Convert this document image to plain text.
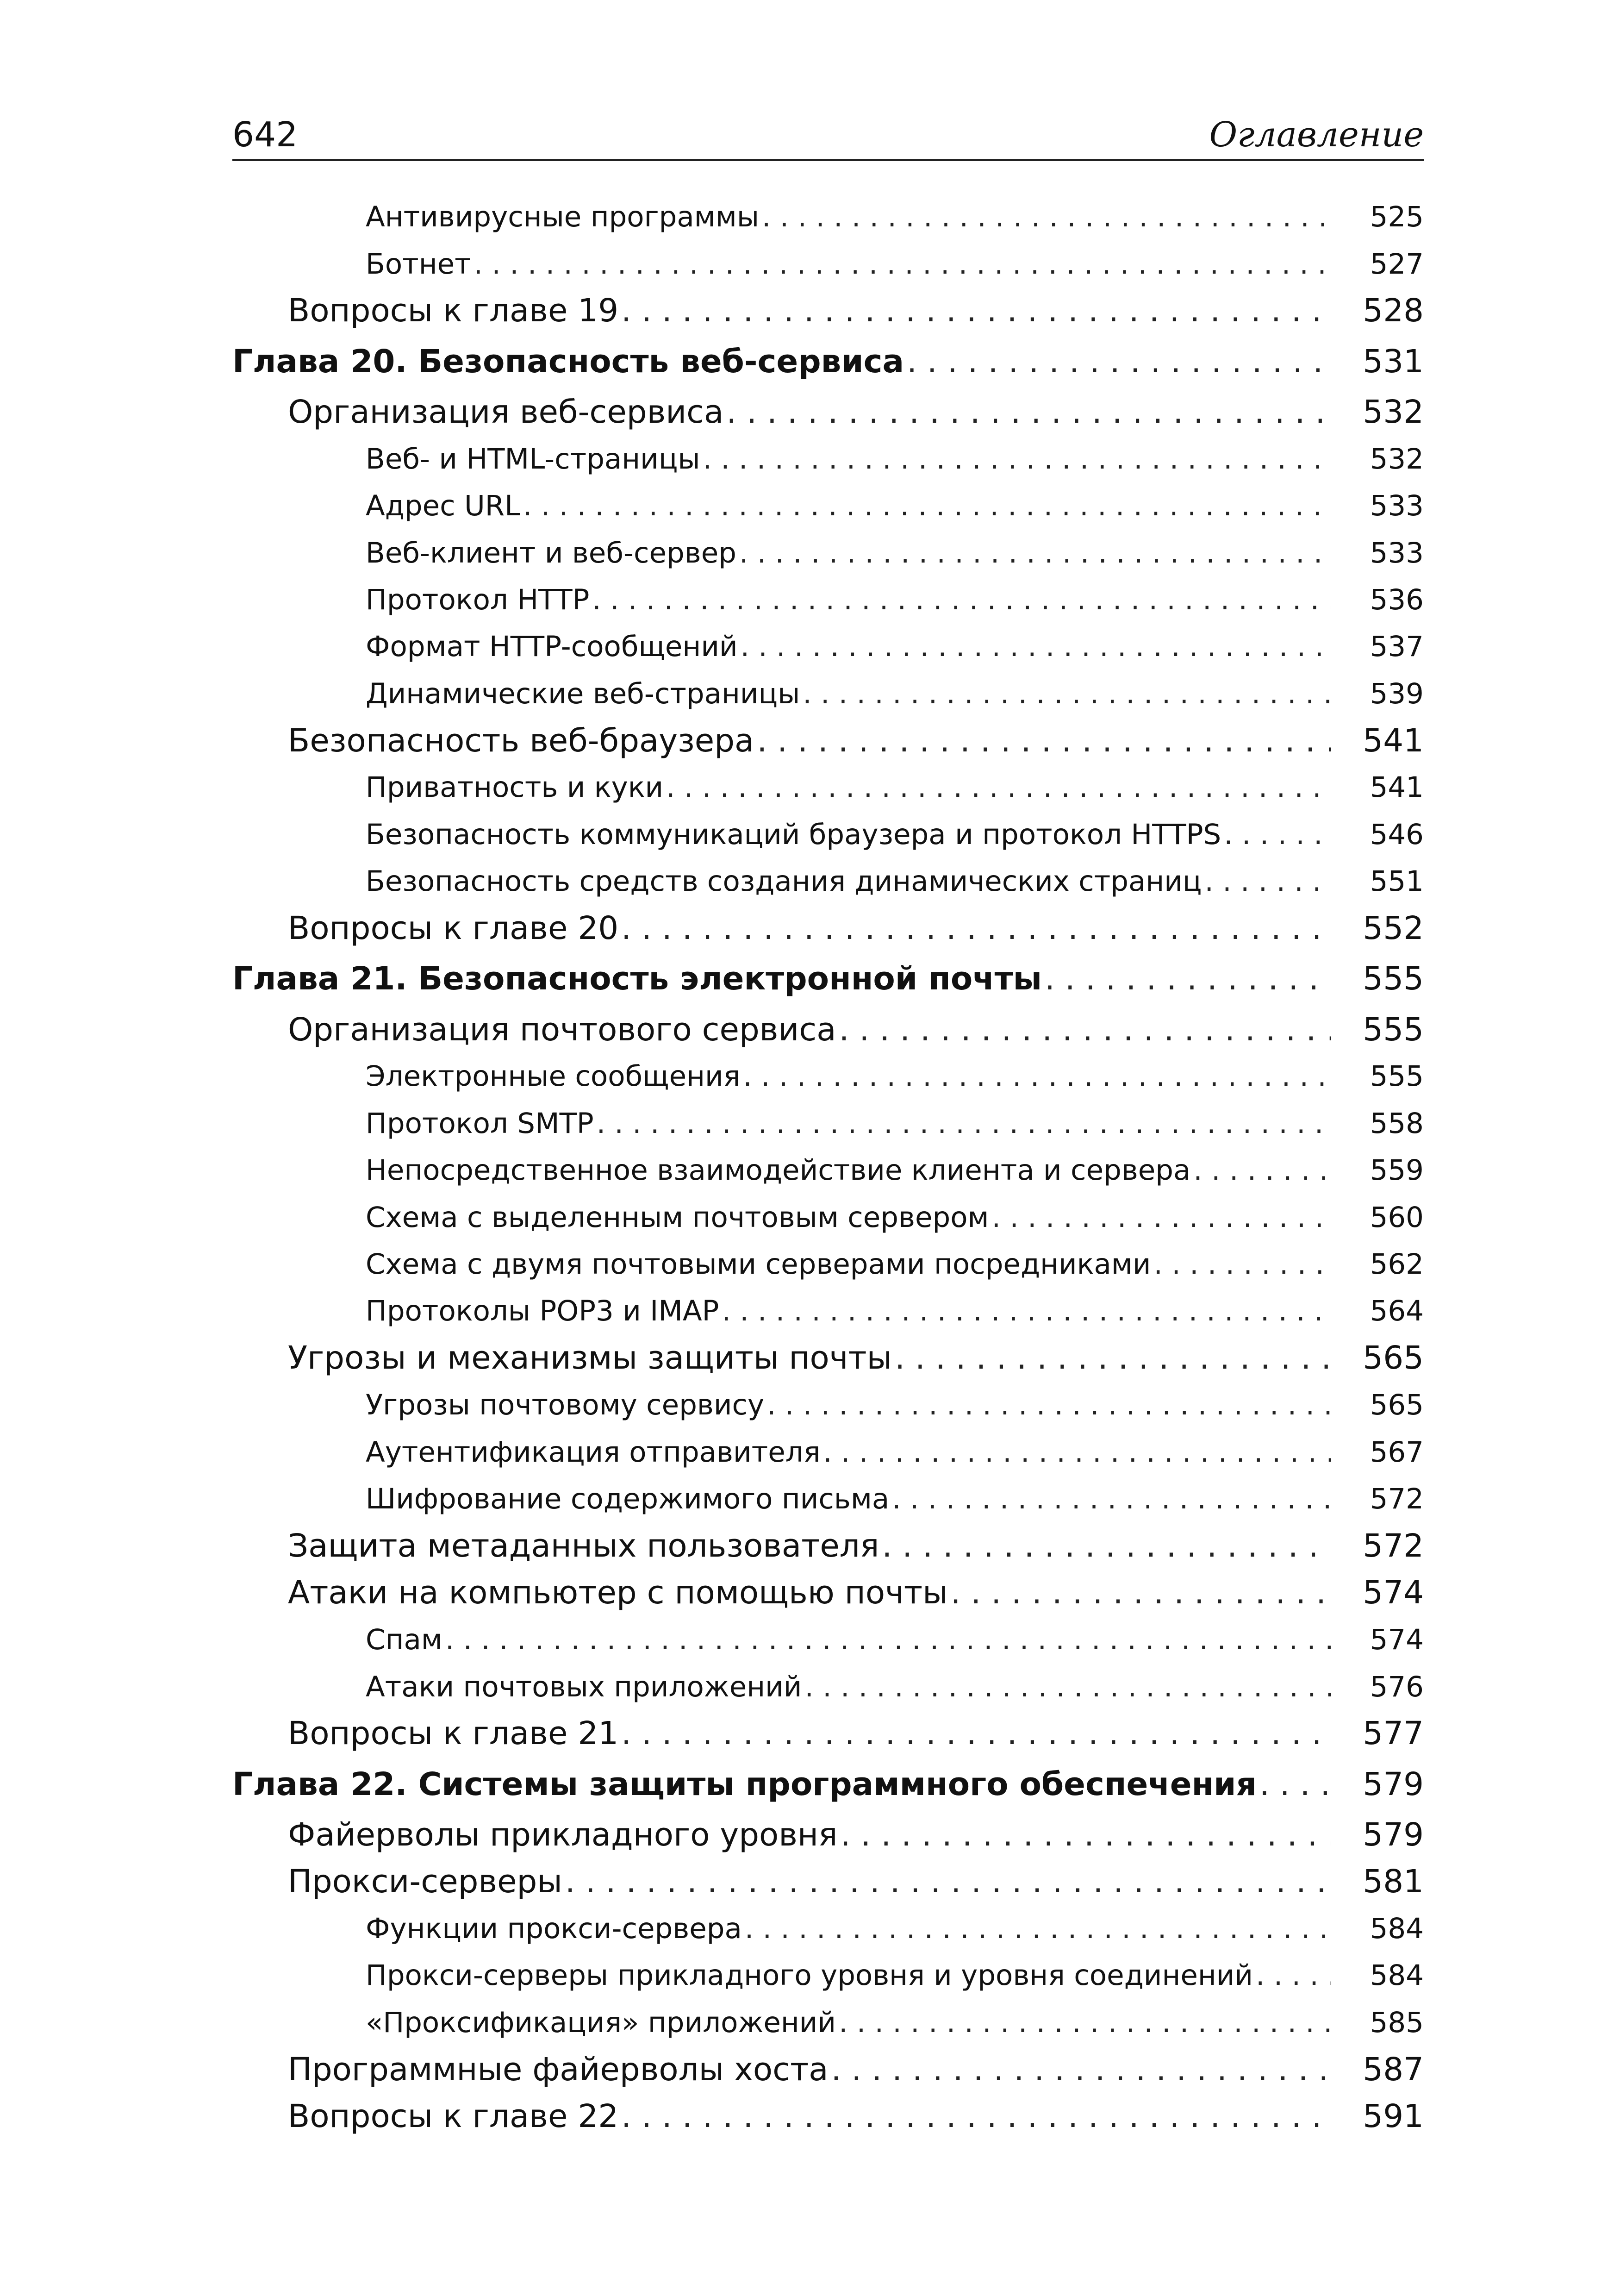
642	Оглавление
Антивирусные программы . . .	525
Ботнет . . .	527
Вопросы к главе 19 . . .	528
Глава 20. Безопасность веб-сервиса . . .	531
Организация веб-сервиса . . .	532
Веб- и HTML-страницы . . .	532
Адрес URL . . .	533
Веб-клиент и веб-сервер . . .	533
Протокол HTTP . . .	536
Формат HTTP-сообщений . . .	537
Динамические веб-страницы . . .	539
Безопасность веб-браузера . . .	541
Приватность и куки . . .	541
Безопасность коммуникаций браузера и протокол HTTPS . . .	546
Безопасность средств создания динамических страниц . . .	551
Вопросы к главе 20 . . .	552
Глава 21. Безопасность электронной почты . . .	555
Организация почтового сервиса . . .	555
Электронные сообщения . . .	555
Протокол SMTP . . .	558
Непосредственное взаимодействие клиента и сервера . . .	559
Схема с выделенным почтовым сервером . . .	560
Схема с двумя почтовыми серверами посредниками . . .	562
Протоколы POP3 и IMAP . . .	564
Угрозы и механизмы защиты почты . . .	565
Угрозы почтовому сервису . . .	565
Аутентификация отправителя . . .	567
Шифрование содержимого письма . . .	572
Защита метаданных пользователя . . .	572
Атаки на компьютер с помощью почты . . .	574
Спам . . .	574
Атаки почтовых приложений . . .	576
Вопросы к главе 21 . . .	577
Глава 22. Системы защиты программного обеспечения . . .	579
Файерволы прикладного уровня . . .	579
Прокси-серверы . . .	581
Функции прокси-сервера . . .	584
Прокси-серверы прикладного уровня и уровня соединений . . .	584
«Проксификация» приложений . . .	585
Программные файерволы хоста . . .	587
Вопросы к главе 22 . . .	591
